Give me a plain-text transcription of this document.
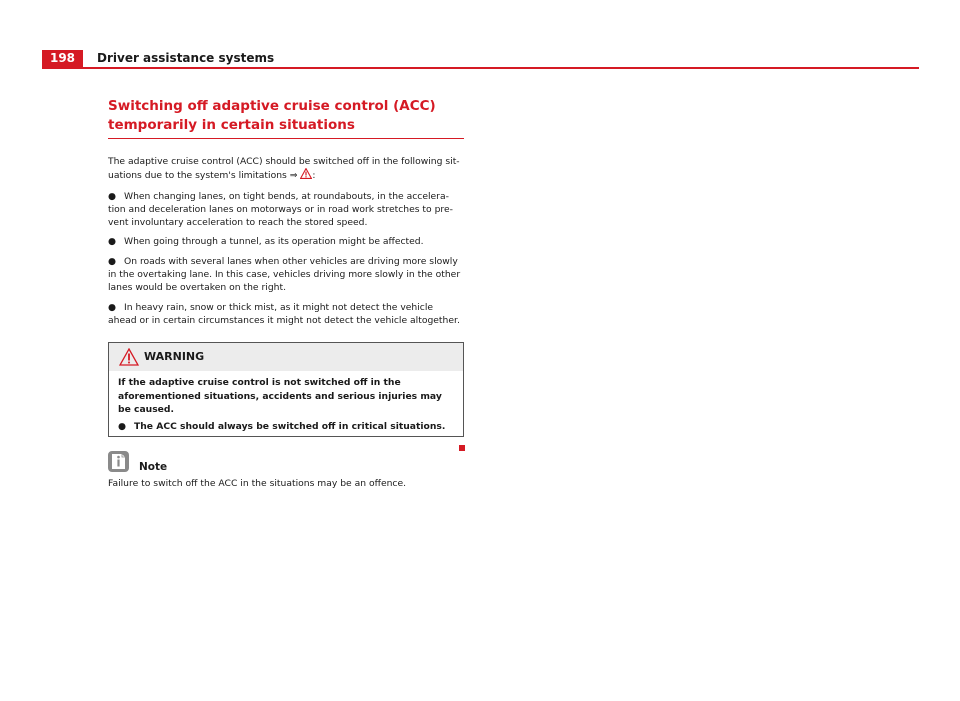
198	Driver assistance systems
Switching off adaptive cruise control (ACC) temporarily in certain situations

The adaptive cruise control (ACC) should be switched off in the following sit-uations due to the system's limitations ⇒ :

● When changing lanes, on tight bends, at roundabouts, in the accelera-tion and deceleration lanes on motorways or in road work stretches to pre-vent involuntary acceleration to reach the stored speed.
● When going through a tunnel, as its operation might be affected.
● On roads with several lanes when other vehicles are driving more slowly in the overtaking lane. In this case, vehicles driving more slowly in the other lanes would be overtaken on the right.
● In heavy rain, snow or thick mist, as it might not detect the vehicle ahead or in certain circumstances it might not detect the vehicle altogether.
WARNING
If the adaptive cruise control is not switched off in the aforementioned situations, accidents and serious injuries may be caused.
● The ACC should always be switched off in critical situations.
Note

Failure to switch off the ACC in the situations may be an offence.
